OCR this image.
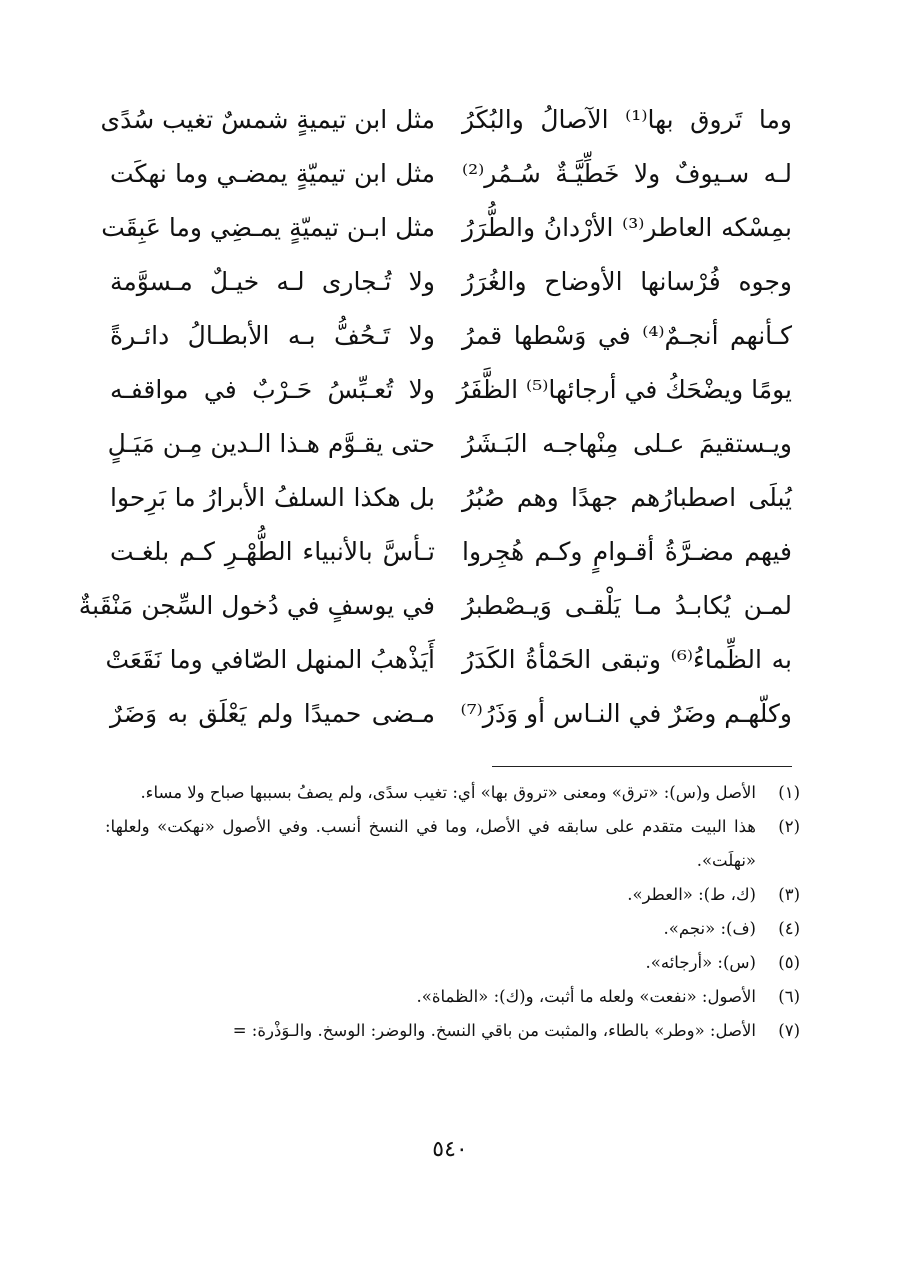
مثل ابن تيميةٍ شمسٌ تغيب سُدًى وما تَروق بها⁽¹⁾ الآصالُ والبُكَرُ
مثل ابن تيميّةٍ يمضـي وما نهكَت لـه سـيوفٌ ولا خَطِّيَّـةٌ سُـمُر⁽²⁾
مثل ابـن تيميّةٍ يمـضِي وما عَبِقَت بمِسْكه العاطر⁽³⁾ الأرْدانُ والطُّرَرُ
ولا تُـجارى لـه خيـلٌ مـسوَّمة وجوه فُرْسانها الأوضاح والغُرَرُ
ولا تَـحُفُّ بـه الأبطـالُ دائـرةً كـأنهم أنجـمٌ⁽⁴⁾ في وَسْطها قمرُ
ولا تُعـبِّسُ حَـرْبٌ في مواقفـه يومًا ويضْحَكُ في أرجائها⁽⁵⁾ الظَّفَرُ
حتى يقـوَّم هـذا الـدين مِـن مَيَـلٍ ويـستقيمَ عـلى مِنْهاجـه البَـشَرُ
بل هكذا السلفُ الأبرارُ ما بَرِحوا يُبلَى اصطبارُهم جهدًا وهم صُبُرُ
تـأسَّ بالأنبياء الطُّهْـرِ كـم بلغـت فيهم مضـرَّةُ أقـوامٍ وكـم هُجِروا
في يوسفٍ في دُخول السِّجن مَنْقَبةٌ لمـن يُكابـدُ مـا يَلْقـى وَيـصْطبرُ
أَيَذْهبُ المنهل الصّافي وما نَقَعَتْ به الظِّماءُ⁽⁶⁾ وتبقى الحَمْأةُ الكَدَرُ
مـضى حميدًا ولم يَعْلَق به وَضَرٌ وكلّهـم وضَرٌ في النـاس أو وَذَرُ⁽⁷⁾
(١)
الأصل و(س): «ترق» ومعنى «تروق بها» أي: تغيب سدًى، ولم يصفُ بسببها صباح ولا مساء.
(٢)
هذا البيت متقدم على سابقه في الأصل، وما في النسخ أنسب. وفي الأصول «نهكت» ولعلها: «نهلَت».
(٣)
(ك، ط): «العطر».
(٤)
(ف): «نجم».
(٥)
(س): «أرجائه».
(٦)
الأصول: «نفعت» ولعله ما أثبت، و(ك): «الظماة».
(٧)
الأصل: «وطر» بالطاء، والمثبت من باقي النسخ. والوضر: الوسخ. والـوَذْرة: =
٥٤٠
